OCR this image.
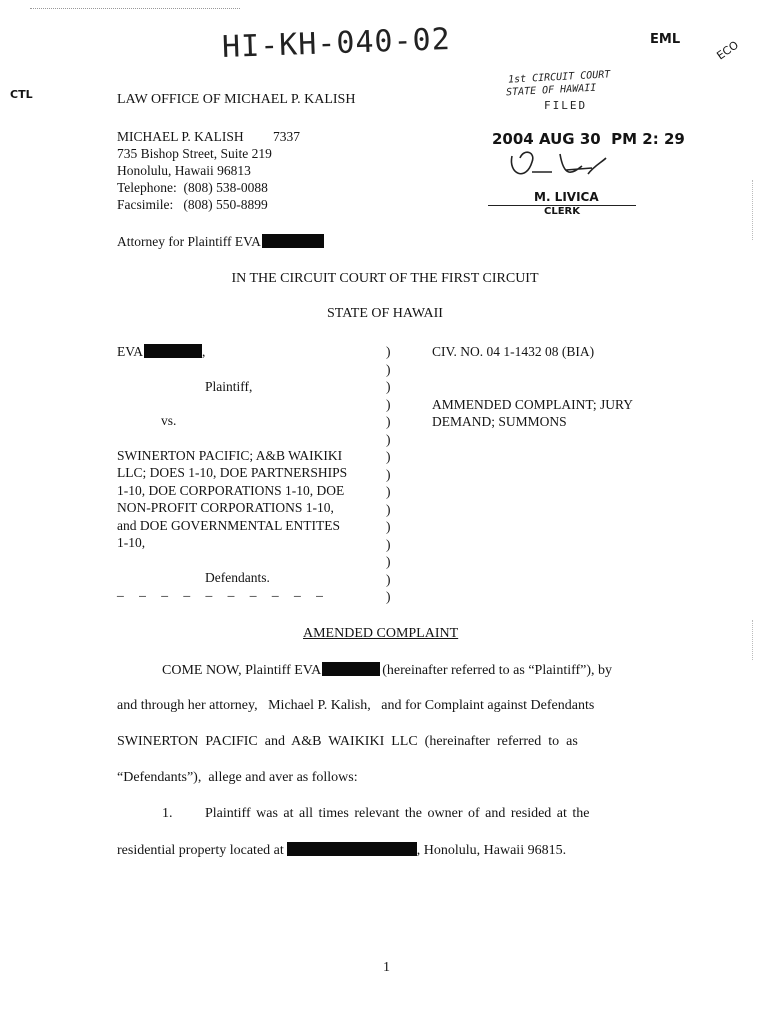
HI-KH-040-02
CTL
EML	ECO
1st CIRCUIT COURT
STATE OF HAWAII
FILED
2004 AUG 30  PM 2: 29
M. LIVICA
CLERK
LAW OFFICE OF MICHAEL P. KALISH
MICHAEL P. KALISH 7337
735 Bishop Street, Suite 219
Honolulu, Hawaii 96813
Telephone:  (808) 538-0088
Facsimile:   (808) 550-8899
Attorney for Plaintiff EVA
IN THE CIRCUIT COURT OF THE FIRST CIRCUIT
STATE OF HAWAII
EVA	,
Plaintiff,
vs.
SWINERTON PACIFIC; A&B WAIKIKI
LLC; DOES 1-10, DOE PARTNERSHIPS
1-10, DOE CORPORATIONS 1-10, DOE
NON-PROFIT CORPORATIONS 1-10,
and DOE GOVERNMENTAL ENTITES
1-10,
Defendants.
_ _ _ _ _ _ _ _ _ _
)
)
)
)
)
)
)
)
)
)
)
)
)
)
)
CIV. NO. 04 1-1432 08 (BIA)
AMMENDED COMPLAINT; JURY
DEMAND; SUMMONS
AMENDED COMPLAINT
COME NOW, Plaintiff EVA	(hereinafter referred to as “Plaintiff”), by
and through her attorney,   Michael P. Kalish,   and for Complaint against Defendants
SWINERTON  PACIFIC  and  A&B  WAIKIKI  LLC  (hereinafter  referred  to  as
“Defendants”),  allege and aver as follows:
1. Plaintiff was at all times relevant the owner of and resided at the
residential property located at	, Honolulu, Hawaii 96815.
1
